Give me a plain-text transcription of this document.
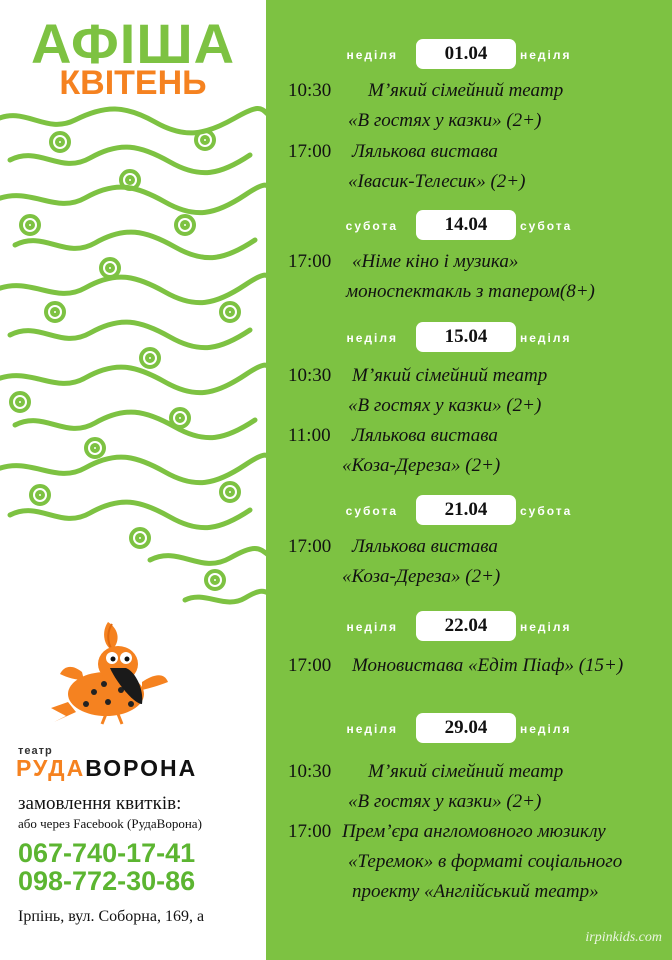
АФІША
КВІТЕНЬ
театр
РУДАВОРОНА
замовлення квитків:
або через Facebook (РудаВорона)
067-740-17-41
098-772-30-86
Ірпінь, вул. Соборна, 169, а
неділя	01.04	неділя
10:30 М’який сімейний театр
«В гостях у казки» (2+)
17:00 Лялькова вистава
«Івасик-Телесик» (2+)
субота	14.04	субота
17:00 «Німе кіно і музика»
моноспектакль з тапером(8+)
неділя	15.04	неділя
10:30 М’який сімейний театр
«В гостях у казки» (2+)
11:00 Лялькова вистава
«Коза-Дереза» (2+)
субота	21.04	субота
17:00 Лялькова вистава
«Коза-Дереза» (2+)
неділя	22.04	неділя
17:00 Моновистава «Едіт Піаф» (15+)
неділя	29.04	неділя
10:30 М’який сімейний театр
«В гостях у казки» (2+)
17:00 Прем’єра англомовного мюзиклу
«Теремок» в форматі соціального
проекту «Англійський театр»
irpinkids.com
